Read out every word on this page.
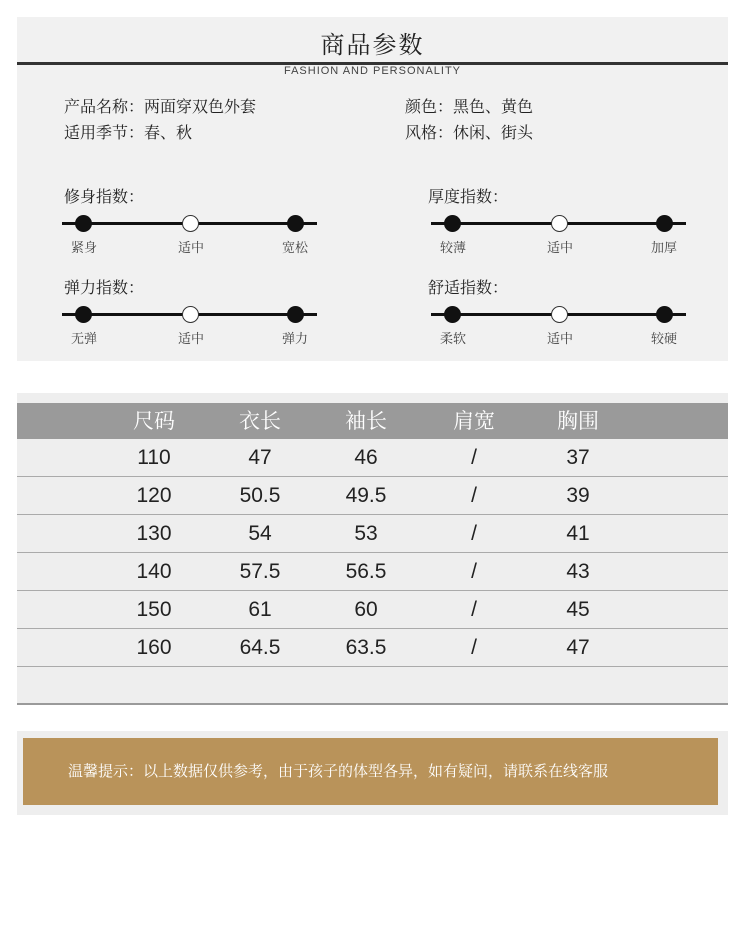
商品参数
FASHION AND PERSONALITY
产品名称：两面穿双色外套
适用季节：春、秋
颜色：黑色、黄色
风格：休闲、街头
修身指数：
紧身	适中	宽松
厚度指数：
较薄	适中	加厚
弹力指数：
无弹	适中	弹力
舒适指数：
柔软	适中	较硬
尺码	衣长	袖长	肩宽	胸围
110	47	46	/	37
120	50.5	49.5	/	39
130	54	53	/	41
140	57.5	56.5	/	43
150	61	60	/	45
160	64.5	63.5	/	47
温馨提示：以上数据仅供参考，由于孩子的体型各异，如有疑问，请联系在线客服
